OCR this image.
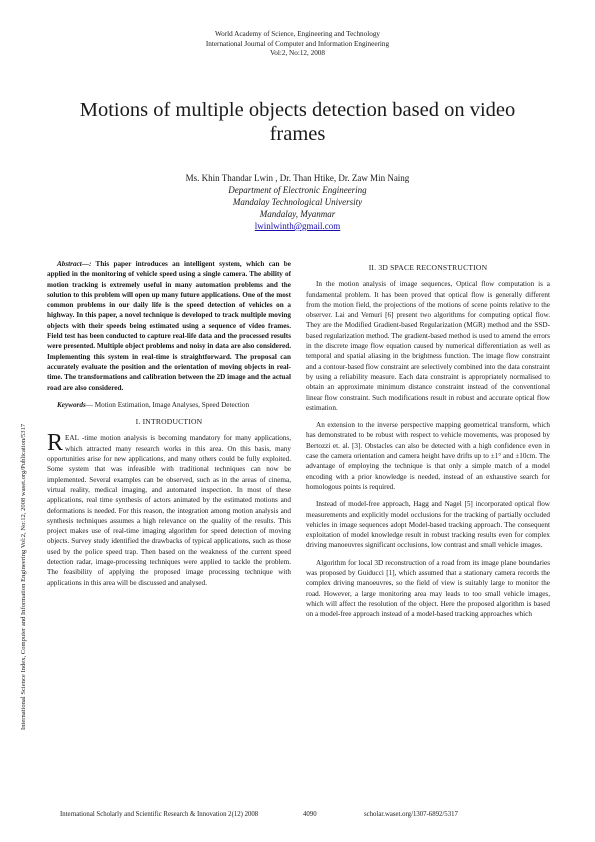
World Academy of Science, Engineering and Technology
International Journal of Computer and Information Engineering
Vol:2, No:12, 2008
Motions of multiple objects detection based on video frames
Ms. Khin Thandar Lwin , Dr. Than Htike, Dr. Zaw Min Naing
Department of Electronic Engineering
Mandalay Technological University
Mandalay, Myanmar
lwinlwinth@gmail.com
International Science Index, Computer and Information Engineering Vol:2, No:12, 2008 waset.org/Publication/5317

Abstract—: This paper introduces an intelligent system, which can be applied in the monitoring of vehicle speed using a single camera. The ability of motion tracking is extremely useful in many automation problems and the solution to this problem will open up many future applications. One of the most common problems in our daily life is the speed detection of vehicles on a highway. In this paper, a novel technique is developed to track multiple moving objects with their speeds being estimated using a sequence of video frames. Field test has been conducted to capture real-life data and the processed results were presented. Multiple object problems and noisy in data are also considered. Implementing this system in real-time is straightforward. The proposal can accurately evaluate the position and the orientation of moving objects in real-time. The transformations and calibration between the 2D image and the actual road are also considered.

Keywords— Motion Estimation, Image Analyses, Speed Detection

I. INTRODUCTION

REAL -time motion analysis is becoming mandatory for many applications, which attracted many research works in this area. On this basis, many opportunities arise for new applications, and many others could be fully exploited. Some system that was infeasible with traditional techniques can now be implemented. Several examples can be observed, such as in the areas of cinema, virtual reality, medical imaging, and automated inspection. In most of these applications, real time synthesis of actors animated by the estimated motions and deformations is needed. For this reason, the integration among motion analysis and synthesis techniques assumes a high relevance on the quality of the results. This project makes use of real-time imaging algorithm for speed detection of moving objects. Survey study identified the drawbacks of typical applications, such as those used by the police speed trap. Then based on the weakness of the current speed detection radar, image-processing techniques were applied to tackle the problem. The feasibility of applying the proposed image processing technique with applications in this area will be discussed and analysed.

II. 3D SPACE RECONSTRUCTION

In the motion analysis of image sequences, Optical flow computation is a fundamental problem. It has been proved that optical flow is generally different from the motion field, the projections of the motions of scene points relative to the observer. Lai and Vemuri [6] present two algorithms for computing optical flow. They are the Modified Gradient-based Regularization (MGR) method and the SSD-based regularization method. The gradient-based method is used to amend the errors in the discrete image flow equation caused by numerical differentiation as well as temporal and spatial aliasing in the brightness function. The image flow constraint and a contour-based flow constraint are selectively combined into the data constraint by using a reliability measure. Each data constraint is appropriately normalised to obtain an approximate minimum distance constraint instead of the conventional linear flow constraint. Such modifications result in robust and accurate optical flow estimation.

An extension to the inverse perspective mapping geometrical transform, which has demonstrated to be robust with respect to vehicle movements, was proposed by Bertozzi et. al. [3]. Obstacles can also be detected with a high confidence even in case the camera orientation and camera height have drifts up to ±1° and ±10cm. The advantage of employing the technique is that only a simple match of a model encoding with a prior knowledge is needed, instead of an exhaustive search for homologous points is required.

Instead of model-free approach, Hagg and Nagel [5] incorporated optical flow measurements and explicitly model occlusions for the tracking of partially occluded vehicles in image sequences adopt Model-based tracking approach. The consequent exploitation of model knowledge result in robust tracking results even for complex driving manoeuvres significant occlusions, low contrast and small vehicle images.

Algorithm for local 3D reconstruction of a road from its image plane boundaries was proposed by Guiducci [1], which assumed that a stationary camera records the complex driving manoeuvres, so the field of view is suitably large to monitor the road. However, a large monitoring area may leads to too small vehicle images, which will affect the resolution of the object. Here the proposed algorithm is based on a model-free approach instead of a model-based tracking approaches which

International Scholarly and Scientific Research & Innovation 2(12) 2008	4090	scholar.waset.org/1307-6892/5317
